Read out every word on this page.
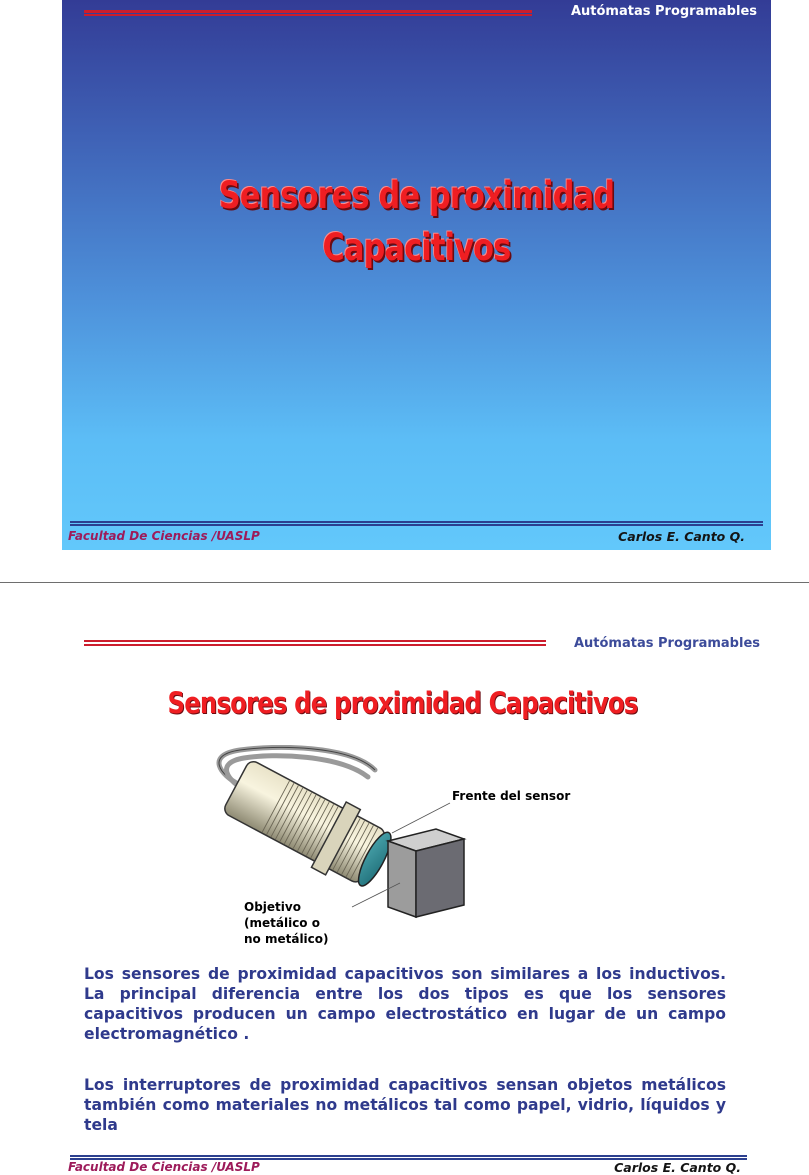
Autómatas Programables
Sensores de proximidad
Capacitivos
Facultad De Ciencias /UASLP	Carlos E. Canto Q.
Autómatas Programables
Sensores de proximidad Capacitivos
Frente del sensor
Objetivo
(metálico o
no metálico)
Los sensores de proximidad capacitivos son similares a los inductivos. La principal diferencia entre los dos tipos es que los sensores capacitivos producen un campo electrostático en lugar de un campo electromagnético .
Los interruptores de proximidad capacitivos sensan objetos metálicos también como materiales no metálicos tal como papel, vidrio, líquidos y tela
Facultad De Ciencias /UASLP	Carlos E. Canto Q.
